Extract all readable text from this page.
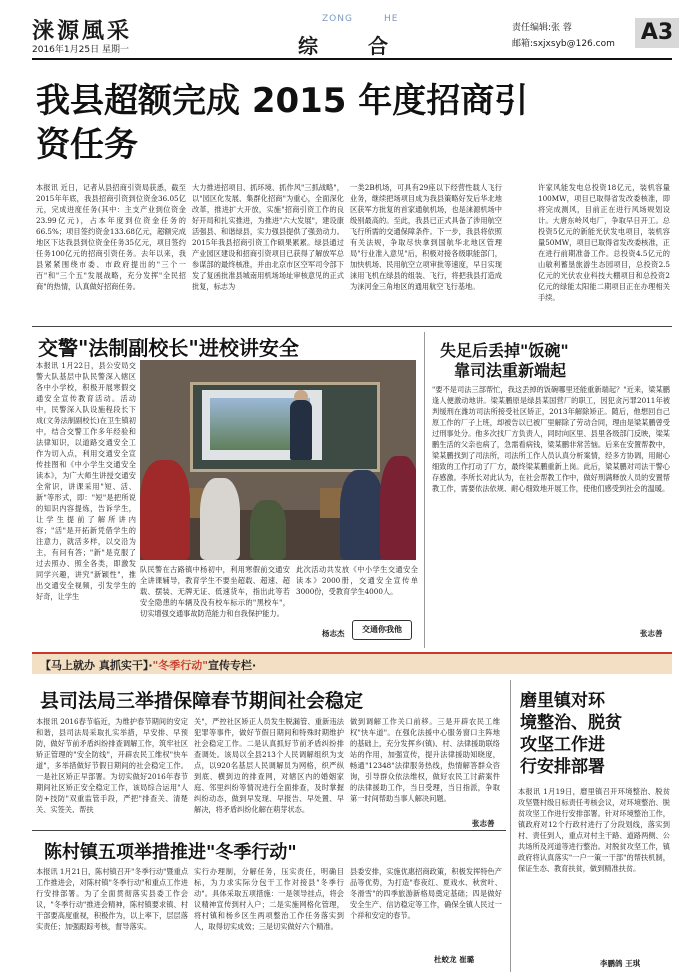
涞源風采
2016年1月25日 星期一
ZONG	HE
综	合
责任编辑:张 蓉
邮箱:sxjxsyb@126.com A3
我县超额完成 2015 年度招商引
资任务
本报讯 近日，记者从县招商引资局获悉，截至2015年年底，我县招商引资到位资金36.05亿元，完成进度任务(其中：主支产业到位资金23.99亿元)，占本年度到位资金任务的66.5%；项目签约资金133.68亿元，超额完成地区下达我县到位资金任务35亿元，项目签约任务100亿元的招商引资任务。去年以来，我县紧紧围绕市委、市政府提出的"三个一百"和"三个五"发展战略，充分发挥"全民招商"的热情，认真做好招商任务。
大力推进招项目、抓环境、抓作风"三抓战略"，以"园区化发展、集群化招商"为重心，全面深化改革，推进扩大开放，实施"招商引资工作的良好开局和扎实推进，为推进"六大发展"，建设康活强县、和谐绿县，实力强县提供了强劲动力。2015年我县招商引资工作硕果累累。绿县通过产业园区建设和招商引资项目已获得了解放军总参谋部的最终核准，并由北京市区空军司令部下发了复函批准县城南用机场场址审核意见的正式批复，标志为
一类2B机场，可具有29座以下经营性载人飞行业务，继续把场项目成为我县策略好发后华北地区获军方批复的首家通航机场，也是涞源机场中级别最高的。至此，我县已正式具备了涉用航空飞行所需的交通保障条件。下一步，我县将依照有关法规，争取尽快拿到国航华北地区管理局"行业准入意见"后，积极对接各级职能部门，加快机场、民用航空立项审批等速度，早日实现涞用飞机在绿县的组装、飞行，将把我县打造成为涞河金三角地区的通用航空飞行基地。
许家风能发电总投资18亿元，装机容量100MW，项目已取得省发改委核准，即将完成测风，目前正在进行风场规划设计。大唐东岭风电厂，争取早日开工。总投资5亿元的新能光伏发电项目，装机容量50MW，项目已取得省发改委核准，正在进行前期准备工作。总投资4.5亿元的山敏利蓄垦旅游生态园项目，总投资2.5亿元的光伏农业科技大棚项目和总投资2亿元的绿能太阳能二期项目正在办理相关手续。
交警"法制副校长"进校讲安全
本报讯 1月22日，县公安局交警大队基层中队民警深入辖区各中小学校，积极开展寒假交通安全宣传教育活动。活动中，民警深入队设施程段长下成(文务法制副校长)在卫生镇初中，结合交警工作多年经验和法律知识，以道路交通安全工作为切入点，利用交通安全宣传挂图和《中小学生交通安全读本》，为广大师生讲授交通安全常识，讲课采用"短、活、新"等形式，即："短"是把所说的知识内容提炼，告诉学生，让学生提前了解所讲内容；"活"是开拓新凭借学生的注意力，就活多样，以交沿为主，有问有答；"新"是克服了过去照办、照全各类，即激发同学兴趣，讲究"新颖性"，推出交通安全视频，引发学生的好奇，让学生
队民警在古路镇中杨初中，利用寒假前交通安全讲课辅导，教育学生不要坐超载、超速、超载、摆装、无牌无证、低速货车，指出此等若安全隐患的车辆及没有校车标示的"黑校车"，切实增强交通事故防范能力和自我保护能力。
此次活动共发放《中小学生交通安全读本》2000册，交通安全宣传单3000份，受教育学生4000人。
杨志杰	交通你我他
失足后丢掉"饭碗"
靠司法重新端起
"要不是司法三部帮忙，我这丢掉的饭碗哪里还能重新端起？"近来，梁某鹏逢人便激动地讲。梁某鹏原是绿县某国营厂的职工，因犯贪污罪2011年被判缓刑在潍坊司法所接受社区矫正，2013年解除矫正。随后，他想回自己原工作的厂子上班，却被告以已被厂里解除了劳动合同，理由是梁某鹏曾受过刑事处分。他多次找厂方负责人，同时向区里、县里各级部门反映，梁某鹏生活的父亲也病了，急需看病钱，梁某鹏非常苦恼。后来在安置帮教中，梁某鹏找到了司法所，司法所工作人员认真分析案情，经多方协调，用耐心细致的工作打动了厂方，最终梁某鹏重新上岗。此后，梁某鹏对司法干警心存感激。李所长对此认为，在社会帮教工作中，做好刑满释放人员的安置帮教工作，需要依法依规、耐心细致地开展工作，使他们感受到社会的温暖。
张志善
【马上就办 真抓实干】·"冬季行动"宣传专栏·
县司法局三举措保障春节期间社会稳定
本报讯 2016春节临近，为维护春节期间的安定和谐，县司法局采取扎实举措，早安排、早预防，做好节前矛盾纠纷排查调解工作，筑牢社区矫正管理的"安全防线"，开辟农民工维权"快车道"，多举措做好节假日期间的社会稳定工作。一是社区矫正早部署。为切实做好2016年春节期间社区矫正安全稳定工作，该局综合运用"人防+技防"双重监管手段，严把"排查关、清楚关、实签关、帮扶
关"，严控社区矫正人员发生脱漏管、重新违法犯罪等事件，做好节假日期间和特殊时期维护社会稳定工作。二是认真抓好节前矛盾纠纷排查调处。该局以全县213个人民调解组织为支点，以920名基层人民调解员为网格，织严纵到底、横到边的排查网，对辖区内的婚姻家庭、邻里纠纷等情况进行全面排查，及时掌握纠纷动态，做到早发现、早报告、早处置、早解决，将矛盾纠纷化解在萌芽状态。
做到调解工作关口前移。三是开辟农民工维权"快车道"。在强化法援中心服务窗口主阵地的基础上，充分发挥乡(镇)、村、法律援助联络站的作用，加强宣传，提升法律援助知晓度，畅通"12348"法律服务热线，热情解答群众咨询，引导群众依法维权，做好农民工讨薪案件的法律援助工作，当日受理，当日指派，争取第一时间帮助当事人解决问题。
张志善
陈村镇五项举措推进"冬季行动"
本报讯 1月21日，陈村镇召开"冬季行动"暨重点工作推进会，对陈村镇"冬季行动"和重点工作进行安排部署。为了全面贯彻落实县委工作会议，"冬季行动"推进会精神，陈村镇要求镇、村干部要高度重视，积极作为，以上率下，层层落实责任；加强跟踪考核，督导落实。
实行办理制，分解任务，压实责任，明确目标，为力求实际分包干工作对接县"冬季行动"。具体采取五项措施：一是领导挂点，将会议精神宣传到村入户；二是实施网格化管理，将村镇和杨乡区生两项整治工作任务落实到人，取得切实成效；三是切实做好六个精准。
县委安排，实施优惠招商政策，积极发挥特色产品等优势，为打造"春夜红、夏戏水、秋赏叶、冬滑雪"的四季旅游新格局奠定基础；四是做好安全生产、信访稳定等工作，确保全镇人民过一个祥和安定的春节。
杜蛟龙 崔璐
磨里镇对环
境整治、脱贫
攻坚工作进
行安排部署
本报讯 1月19日，磨里镇召开环境整治、脱贫攻坚暨村级日标责任考核会议，对环境整治、脱贫攻坚工作进行安排部署。针对环境整治工作，镇政府对12个行政村进行了分段划线，落实到村、责任到人，重点对村主干路、道路两侧、公共场所及河道等进行整治。对脱贫攻坚工作，镇政府将认真落实"一户一策一干部"的帮扶机制，保证生态、教育扶贫，做到精准扶贫。
李鹏鸽 王琪
